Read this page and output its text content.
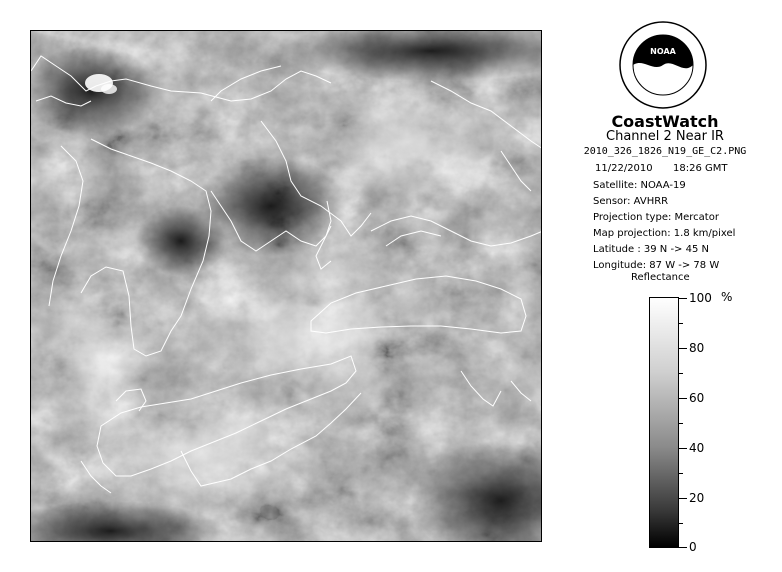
NOAA
CoastWatch
Channel 2 Near IR
2010_326_1826_N19_GE_C2.PNG
11/22/2010 18:26 GMT
Satellite: NOAA-19
Sensor: AVHRR
Projection type: Mercator
Map projection: 1.8 km/pixel
Latitude : 39 N -> 45 N
Longitude: 87 W -> 78 W
Reflectance
%
100
80
60
40
20
0
